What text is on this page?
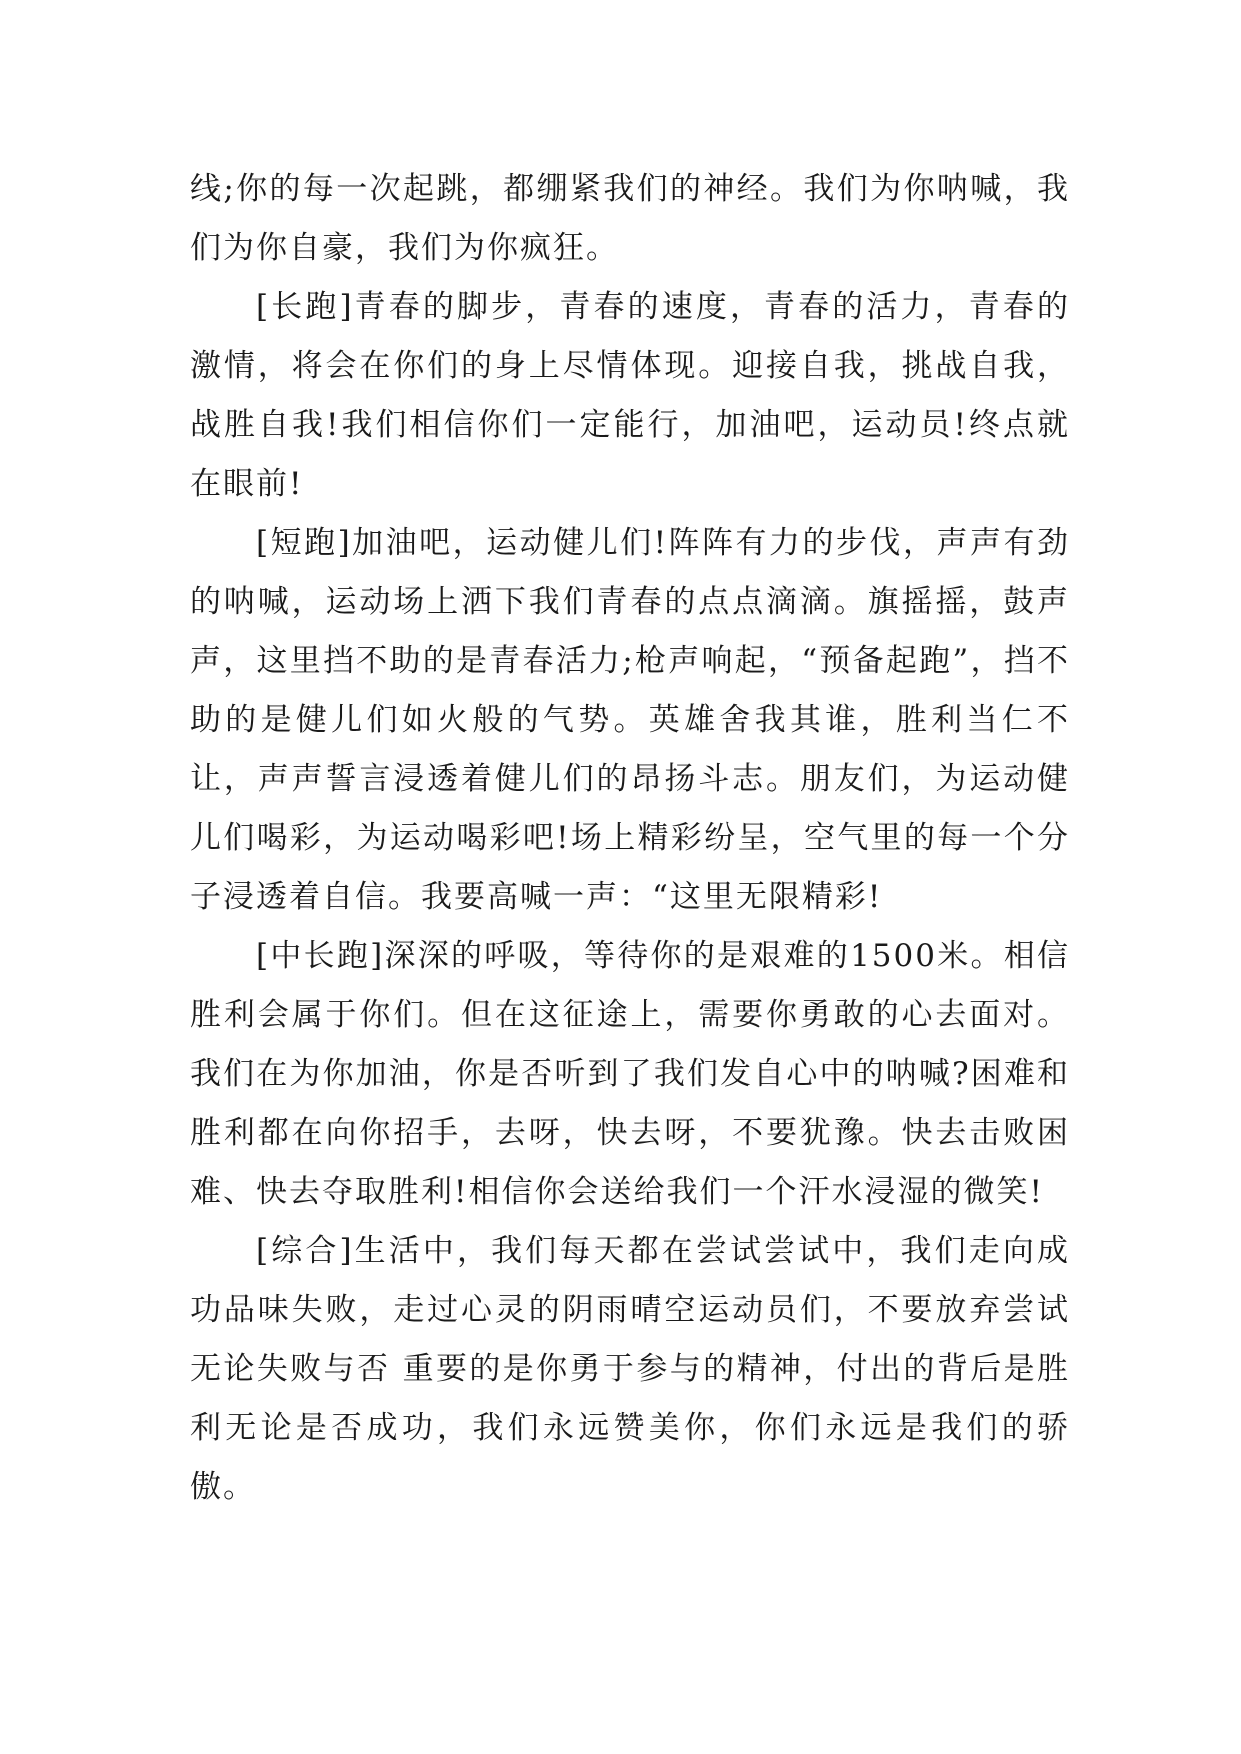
线;你的每一次起跳，都绷紧我们的神经。我们为你呐喊，我们为你自豪，我们为你疯狂。

[长跑]青春的脚步，青春的速度，青春的活力，青春的激情，将会在你们的身上尽情体现。迎接自我，挑战自我，战胜自我!我们相信你们一定能行，加油吧，运动员!终点就在眼前!

[短跑]加油吧，运动健儿们!阵阵有力的步伐，声声有劲的呐喊，运动场上洒下我们青春的点点滴滴。旗摇摇，鼓声声，这里挡不助的是青春活力;枪声响起，“预备起跑”，挡不助的是健儿们如火般的气势。英雄舍我其谁，胜利当仁不让，声声誓言浸透着健儿们的昂扬斗志。朋友们，为运动健儿们喝彩，为运动喝彩吧!场上精彩纷呈，空气里的每一个分子浸透着自信。我要高喊一声：“这里无限精彩!

[中长跑]深深的呼吸，等待你的是艰难的1500米。相信胜利会属于你们。但在这征途上，需要你勇敢的心去面对。我们在为你加油，你是否听到了我们发自心中的呐喊?困难和胜利都在向你招手，去呀，快去呀，不要犹豫。快去击败困难、快去夺取胜利!相信你会送给我们一个汗水浸湿的微笑!

[综合]生活中，我们每天都在尝试尝试中，我们走向成功品味失败，走过心灵的阴雨晴空运动员们，不要放弃尝试无论失败与否 重要的是你勇于参与的精神，付出的背后是胜利无论是否成功，我们永远赞美你，你们永远是我们的骄傲。
